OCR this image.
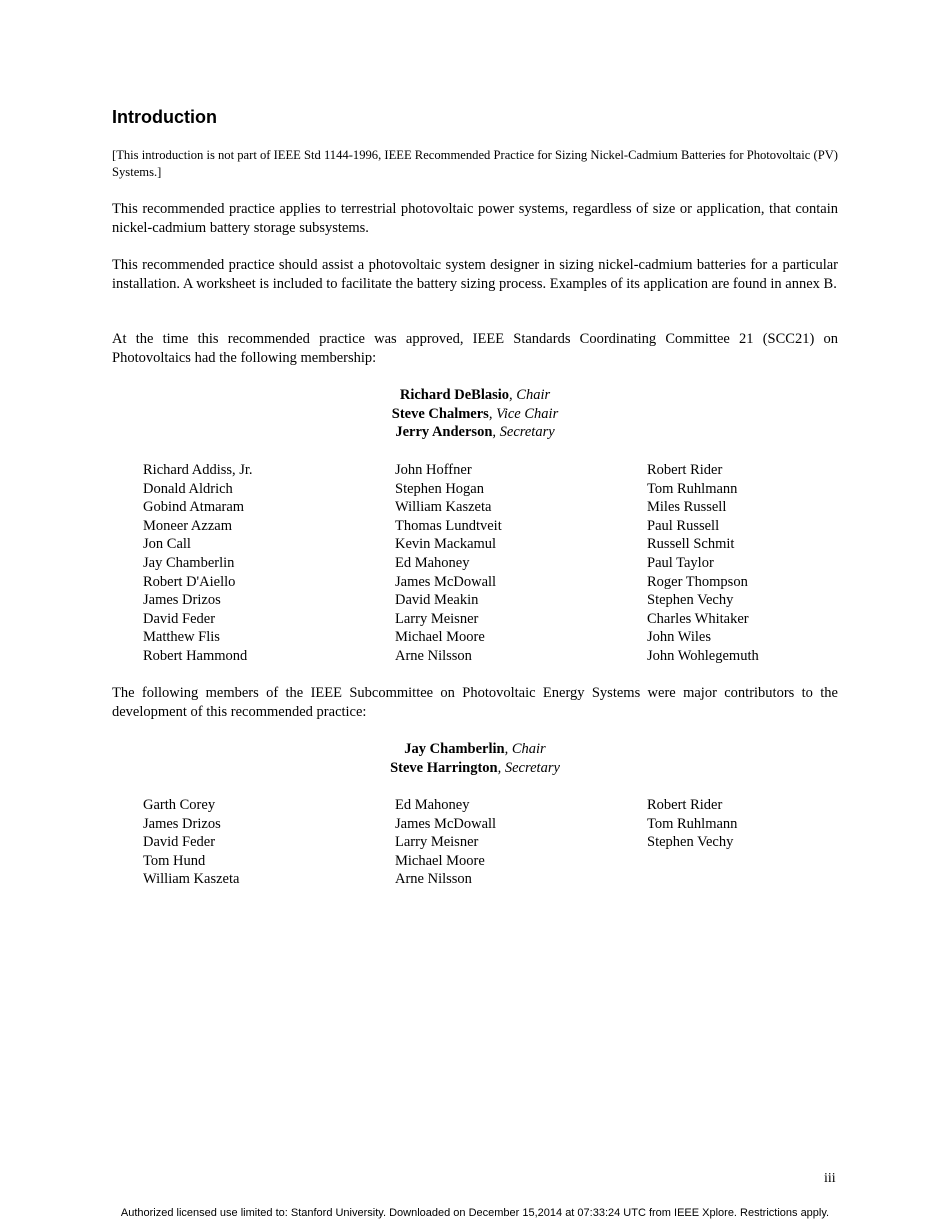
Introduction

[This introduction is not part of IEEE Std 1144-1996, IEEE Recommended Practice for Sizing Nickel-Cadmium Batteries for Photovoltaic (PV) Systems.]

This recommended practice applies to terrestrial photovoltaic power systems, regardless of size or application, that contain nickel-cadmium battery storage subsystems.

This recommended practice should assist a photovoltaic system designer in sizing nickel-cadmium batteries for a particular installation. A worksheet is included to facilitate the battery sizing process. Examples of its application are found in annex B.

At the time this recommended practice was approved, IEEE Standards Coordinating Committee 21 (SCC21) on Photovoltaics had the following membership:

Richard DeBlasio, Chair
Steve Chalmers, Vice Chair
Jerry Anderson, Secretary
Richard Addiss, Jr.
Donald Aldrich
Gobind Atmaram
Moneer Azzam
Jon Call
Jay Chamberlin
Robert D'Aiello
James Drizos
David Feder
Matthew Flis
Robert Hammond
John Hoffner
Stephen Hogan
William Kaszeta
Thomas Lundtveit
Kevin Mackamul
Ed Mahoney
James McDowall
David Meakin
Larry Meisner
Michael Moore
Arne Nilsson
Robert Rider
Tom Ruhlmann
Miles Russell
Paul Russell
Russell Schmit
Paul Taylor
Roger Thompson
Stephen Vechy
Charles Whitaker
John Wiles
John Wohlegemuth

The following members of the IEEE Subcommittee on Photovoltaic Energy Systems were major contributors to the development of this recommended practice:

Jay Chamberlin, Chair
Steve Harrington, Secretary
Garth Corey
James Drizos
David Feder
Tom Hund
William Kaszeta
Ed Mahoney
James McDowall
Larry Meisner
Michael Moore
Arne Nilsson
Robert Rider
Tom Ruhlmann
Stephen Vechy
iii
Authorized licensed use limited to: Stanford University. Downloaded on December 15,2014 at 07:33:24 UTC from IEEE Xplore. Restrictions apply.
